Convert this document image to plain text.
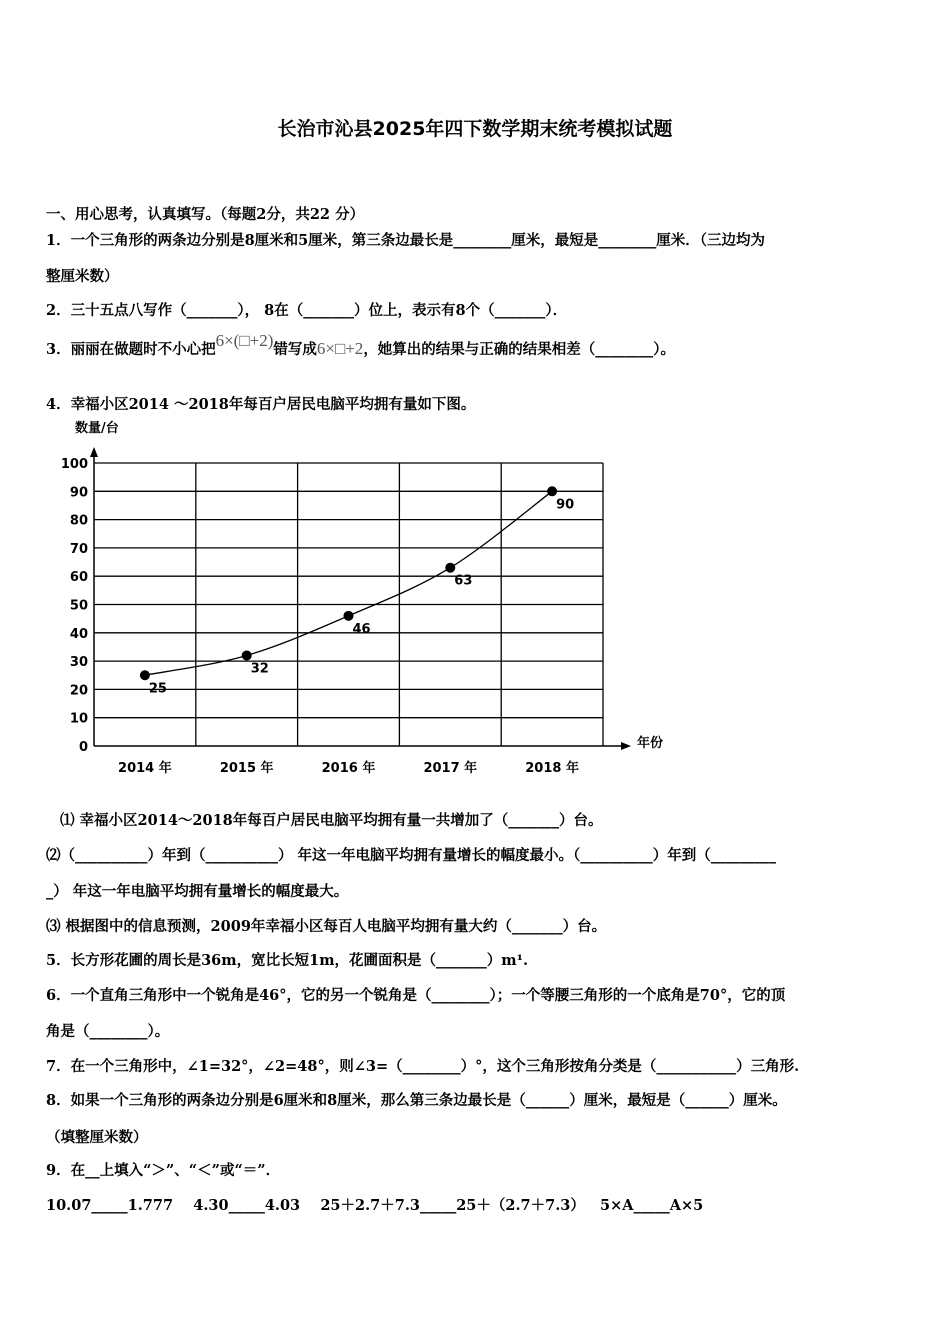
长治市沁县2025年四下数学期末统考模拟试题
一、用心思考，认真填写。（每题2分，共22 分）
1．一个三角形的两条边分别是8厘米和5厘米，第三条边最长是________厘米，最短是________厘米．（三边均为
整厘米数）
2．三十五点八写作（_______）， 8在（_______）位上，表示有8个（_______）．
3．丽丽在做题时不小心把6×(□+2)错写成6×□+2，她算出的结果与正确的结果相差（________）。
4．幸福小区2014 ～2018年每百户居民电脑平均拥有量如下图。
0
10
20
30
40
50
60
70
80
90
100
数量/台
年份
25
2014 年
32
2015 年
46
2016 年
63
2017 年
90
2018 年
⑴ 幸福小区2014～2018年每百户居民电脑平均拥有量一共增加了（_______）台。
⑵（__________）年到（__________） 年这一年电脑平均拥有量增长的幅度最小。（__________）年到（_________
_） 年这一年电脑平均拥有量增长的幅度最大。
⑶ 根据图中的信息预测，2009年幸福小区每百人电脑平均拥有量大约（_______）台。
5．长方形花圃的周长是36m，宽比长短1m，花圃面积是（_______）m¹.
6．一个直角三角形中一个锐角是46°，它的另一个锐角是（________）；一个等腰三角形的一个底角是70°，它的顶
角是（________）。
7．在一个三角形中，∠1=32°，∠2=48°，则∠3=（________）°，这个三角形按角分类是（___________）三角形.
8．如果一个三角形的两条边分别是6厘米和8厘米，那么第三条边最长是（______）厘米，最短是（______）厘米。
（填整厘米数）
9．在__上填入“＞”、“＜”或“＝”．
10.07_____1.777    4.30_____4.03    25＋2.7＋7.3_____25＋（2.7＋7.3）   5×A_____A×5
